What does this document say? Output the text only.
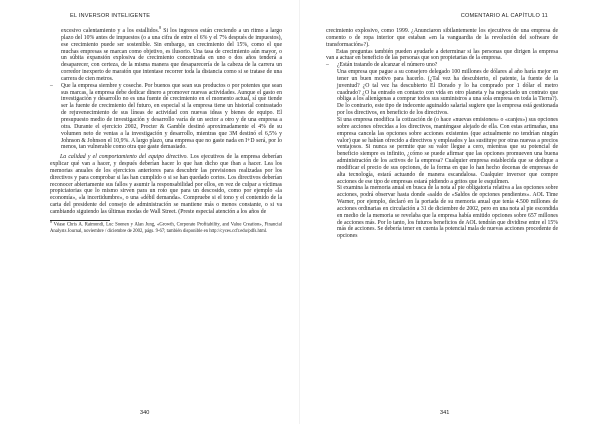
EL INVERSOR INTELIGENTE

excesivo calentamiento y a los estallidos.$^8$ Si los ingresos están creciendo a un ritmo a largo plazo del 10% antes de impuestos (o a una cifra de entre el 6% y el 7% después de impuestos), ese crecimiento puede ser sostenible. Sin embargo, un crecimiento del 15%, como el que muchas empresas se marcan como objetivo, es ilusorio. Una tasa de crecimiento aún mayor, o un súbita expansión explosiva de crecimiento concentrada en uno o dos años tenderá a desaparecer, con certeza, de la misma manera que desaparecería de la cabeza de la carrera un corredor inexperto de maratón que intentase recorrer toda la distancia como si se tratase de una carrera de cien metros.

– Que la empresa siembre y coseche. Por buenos que sean sus productos o por potentes que sean sus marcas, la empresa debe dedicar dinero a promover nuevas actividades. Aunque el gasto en investigación y desarrollo no es una fuente de crecimiento en el momento actual, sí que tiende ser la fuente de crecimiento del futuro, en especial si la empresa tiene un historial contrastado de rejuvenecimiento de sus líneas de actividad con nuevas ideas y bienes de equipo. El presupuesto medio de investigación y desarrollo varía de un sector a otro y de una empresa a otra. Durante el ejercicio 2002, Procter & Gamble destinó aproximadamente el 4% de su volumen neto de ventas a la investigación y desarrollo, mientras que 3M destinó el 6,5% y Johnson & Johnson el 10,9%. A largo plazo, una empresa que no gaste nada en I+D será, por lo menos, tan vulnerable como otra que gaste demasiado.

La calidad y el comportamiento del equipo directivo. Los ejecutivos de la empresa deberían explicar qué van a hacer, y después deberían hacer lo que han dicho que iban a hacer. Lea los memorias anuales de los ejercicios anteriores para descubrir las previsiones realizadas por los directivos y para comprobar si las han cumplido o si se han quedado cortos. Los directivos deberían reconocer abiertamente sus fallos y asumir la responsabilidad por ellos, en vez de culpar a víctimas propiciatorias que lo mismo sirven para un roto que para un descosido, como por ejemplo «la economía», «la incertidumbre», o una «débil demanda». Compruebe si el tono y el contenido de la carta del presidente del consejo de administración se mantiene más o menos constante, o si va cambiando siguiendo las últimas modas de Wall Street. (Preste especial atención a los años de

8 Véase Chris A. Raimondi, Luc Soenen y Alan Jung, «Growth, Corporate Profitability, and Value Creation», Financial Analysts Journal, noviembre / diciembre de 2002, págs. 9-67; también disponible en http://cyces.ccfr.edu/pdfs.html.

340
COMENTARIO AL CAPÍTULO 11

crecimiento explosivo, como 1999. ¿Anunciaron sibilantemente los ejecutivos de una empresa de comento o de ropa interior que estaban «en la vanguardia de la revolución del software de transformación»?).

Estas preguntas también pueden ayudarle a determinar si las personas que dirigen la empresa van a actuar en beneficio de las personas que son propietarias de la empresa.

– ¿Están tratando de alcanzar el número uno?

Una empresa que pague a su consejero delegado 100 millones de dólares al año haría mejor en tener un buen motivo para hacerlo. (¿Tal vez ha descubierto, el patente, la fuente de la juventud? ¿O tal vez ha descubierto El Dorado y lo ha comprado por 1 dólar el metro cuadrado? ¿O ha entrado en contacto con vida en otro planeta y ha negociado un contrato que obliga a los alienígenas a comprar todos sus suministros a una sola empresa en toda la Tierra?). De lo contrario, este tipo de indecente aguinaldo salarial sugiere que la empresa está gestionada por los directivos, en beneficio de los directivos.

Si una empresa modifica la cotización de (o hace «nuevas emisiones» o «canjes») sus opciones sobre acciones ofrecidas a los directivos, manténgase alejado de ella. Con estas artimañas, una empresa cancela las opciones sobre acciones existentes (que actualmente no tendrían ningún valor) que se habían ofrecido a directivos y empleados y las sustituye por otras nuevas a precios ventajosos. Si nunca se permite que su valor llegue a cero, mientras que su potencial de beneficio siempre es infinito, ¿cómo se puede afirmar que las opciones promueven una buena administración de los activos de la empresa? Cualquier empresa establecida que se dedique a modificar el precio de sus opciones, de la forma en que lo han hecho docenas de empresas de alta tecnología, estará actuando de manera escandalosa. Cualquier inversor que compre acciones de ese tipo de empresas estará pidiendo a gritos que le esquilmen.

Si examina la memoria anual en busca de la nota al pie obligatoria relativa a las opciones sobre acciones, podrá observar hasta donde «saldo de «Saldos de opciones pendientes». AOL Time Warner, por ejemplo, declaró en la portada de su memoria anual que tenía 4.500 millones de acciones ordinarias en circulación a 31 de diciembre de 2002, pero en una nota al pie escondida en medio de la memoria se revelaba que la empresa había emitido opciones sobre 657 millones de acciones más. Por lo tanto, los futuros beneficios de AOL tendrán que dividirse entre el 15% más de acciones. Se debería tener en cuenta la potencial mala de nuevas acciones procedente de opciones

341
